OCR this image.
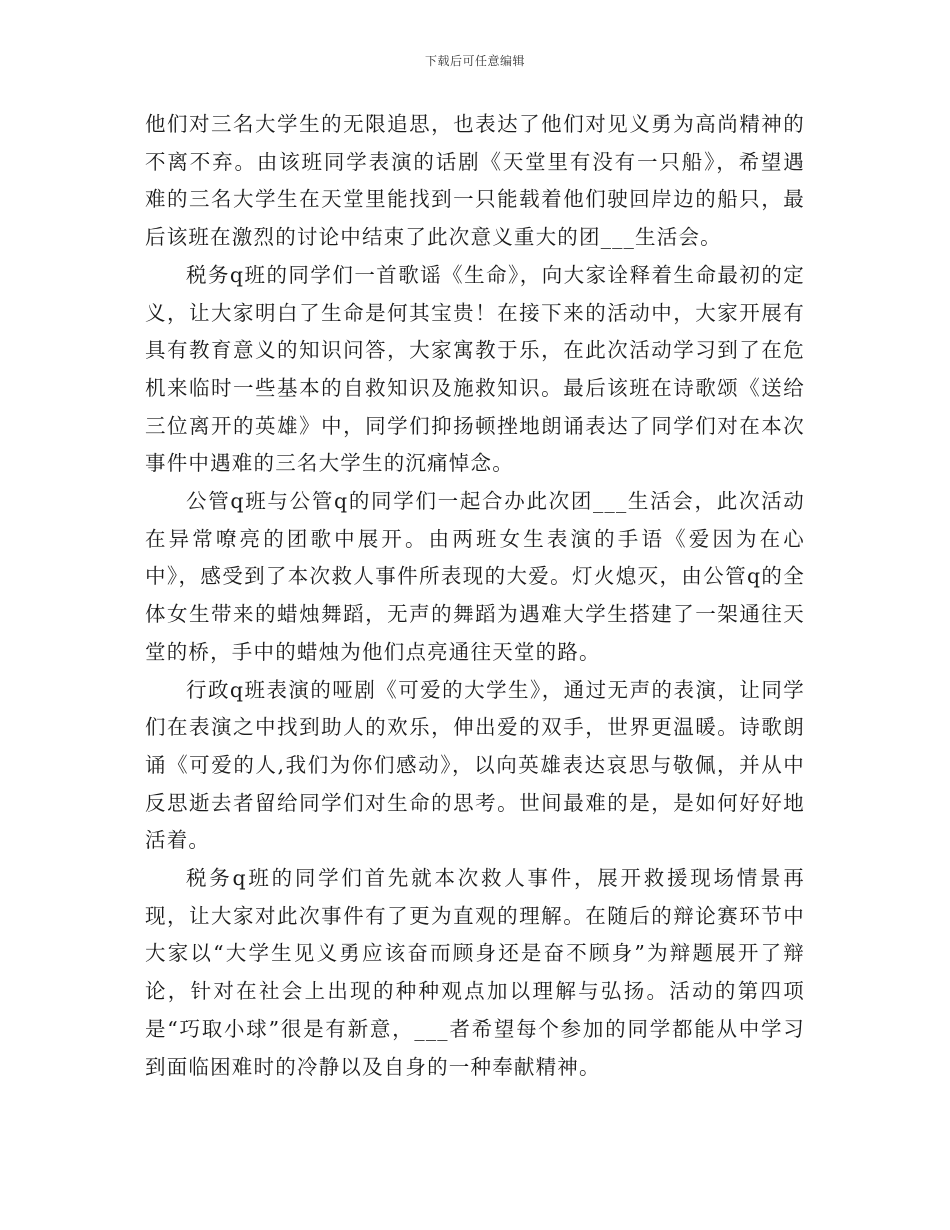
下载后可任意编辑

他们对三名大学生的无限追思，也表达了他们对见义勇为高尚精神的不离不弃。由该班同学表演的话剧《天堂里有没有一只船》，希望遇难的三名大学生在天堂里能找到一只能载着他们驶回岸边的船只，最后该班在激烈的讨论中结束了此次意义重大的团___生活会。

税务q班的同学们一首歌谣《生命》，向大家诠释着生命最初的定义，让大家明白了生命是何其宝贵！在接下来的活动中，大家开展有具有教育意义的知识问答，大家寓教于乐，在此次活动学习到了在危机来临时一些基本的自救知识及施救知识。最后该班在诗歌颂《送给三位离开的英雄》中，同学们抑扬顿挫地朗诵表达了同学们对在本次事件中遇难的三名大学生的沉痛悼念。

公管q班与公管q的同学们一起合办此次团___生活会，此次活动在异常嘹亮的团歌中展开。由两班女生表演的手语《爱因为在心中》，感受到了本次救人事件所表现的大爱。灯火熄灭，由公管q的全体女生带来的蜡烛舞蹈，无声的舞蹈为遇难大学生搭建了一架通往天堂的桥，手中的蜡烛为他们点亮通往天堂的路。

行政q班表演的哑剧《可爱的大学生》，通过无声的表演，让同学们在表演之中找到助人的欢乐，伸出爱的双手，世界更温暖。诗歌朗诵《可爱的人,我们为你们感动》，以向英雄表达哀思与敬佩，并从中反思逝去者留给同学们对生命的思考。世间最难的是，是如何好好地活着。

税务q班的同学们首先就本次救人事件，展开救援现场情景再现，让大家对此次事件有了更为直观的理解。在随后的辩论赛环节中大家以“大学生见义勇应该奋而顾身还是奋不顾身”为辩题展开了辩论，针对在社会上出现的种种观点加以理解与弘扬。活动的第四项是“巧取小球”很是有新意，___者希望每个参加的同学都能从中学习到面临困难时的冷静以及自身的一种奉献精神。
